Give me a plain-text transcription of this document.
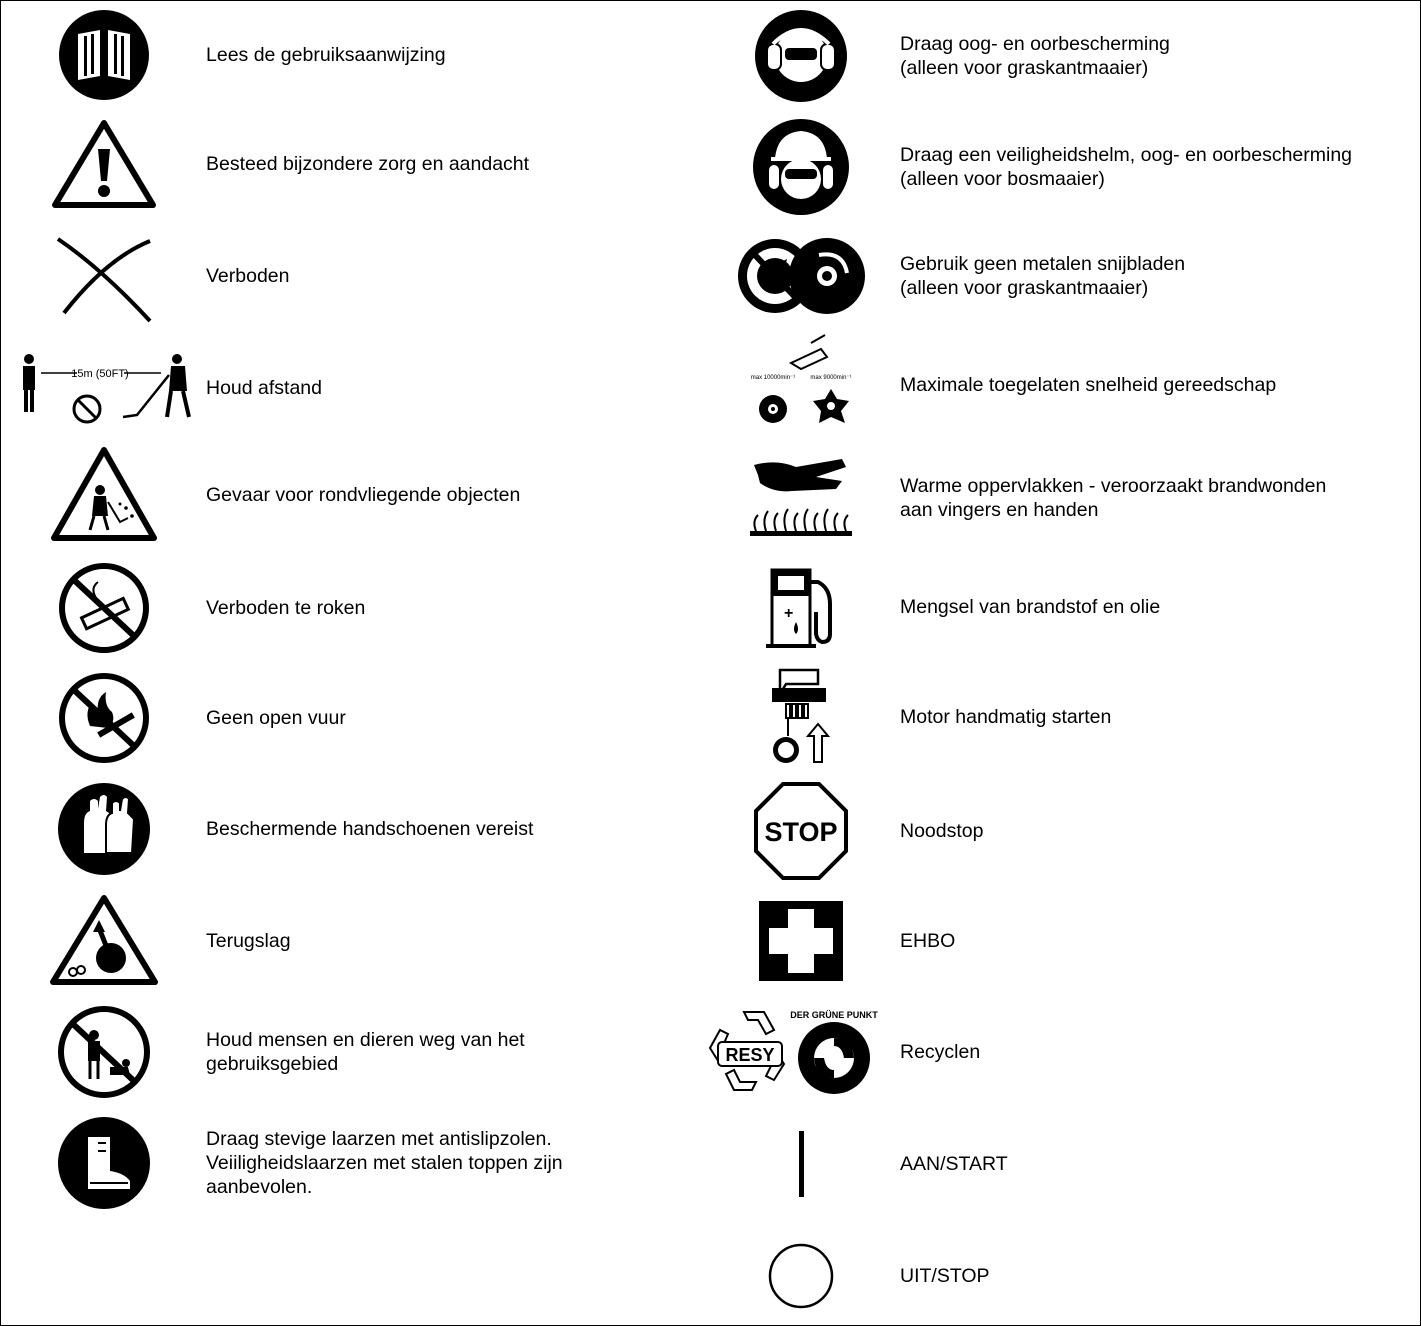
Lees de gebruiksaanwijzing
Besteed bijzondere zorg en aandacht
Verboden
15m (50FT)
Houd afstand
Gevaar voor rondvliegende objecten
Verboden te roken
Geen open vuur
Beschermende handschoenen vereist
Terugslag
Houd mensen en dieren weg van het
gebruiksgebied
Draag stevige laarzen met antislipzolen.
Veiiligheidslaarzen met stalen toppen zijn
aanbevolen.
Draag oog- en oorbescherming
(alleen voor graskantmaaier)
Draag een veiligheidshelm, oog- en oorbescherming
(alleen voor bosmaaier)
Gebruik geen metalen snijbladen
(alleen voor graskantmaaier)
max 10000min⁻¹	max 9000min⁻¹	Maximale toegelaten snelheid gereedschap
Warme oppervlakken - veroorzaakt brandwonden
aan vingers en handen
+	Mengsel van brandstof en olie
Motor handmatig starten
STOP	Noodstop
EHBO
RESY
DER GRÜNE PUNKT
Recyclen
AAN/START
UIT/STOP
